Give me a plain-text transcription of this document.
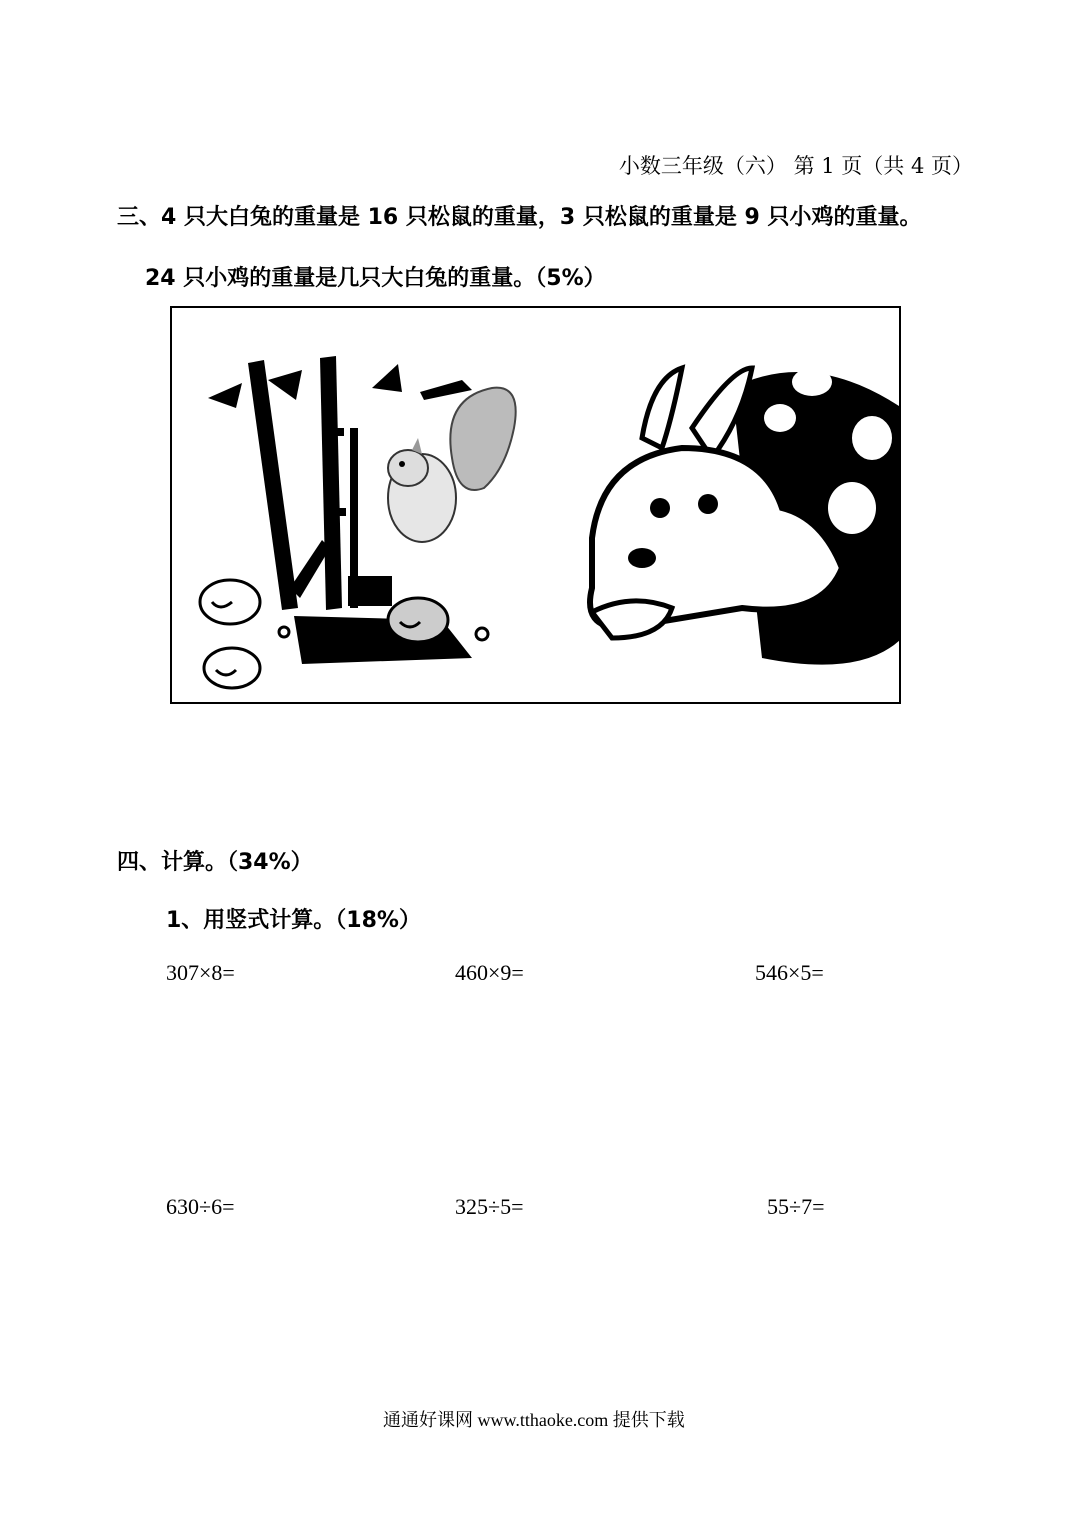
小数三年级（六） 第 1 页（共 4 页）
三、4 只大白兔的重量是 16 只松鼠的重量，3 只松鼠的重量是 9 只小鸡的重量。
24 只小鸡的重量是几只大白兔的重量。（5%）
四、计算。（34%）
1、用竖式计算。（18%）
307×8=	460×9=	546×5=
630÷6=	325÷5=	55÷7=
通通好课网 www.tthaoke.com 提供下载
